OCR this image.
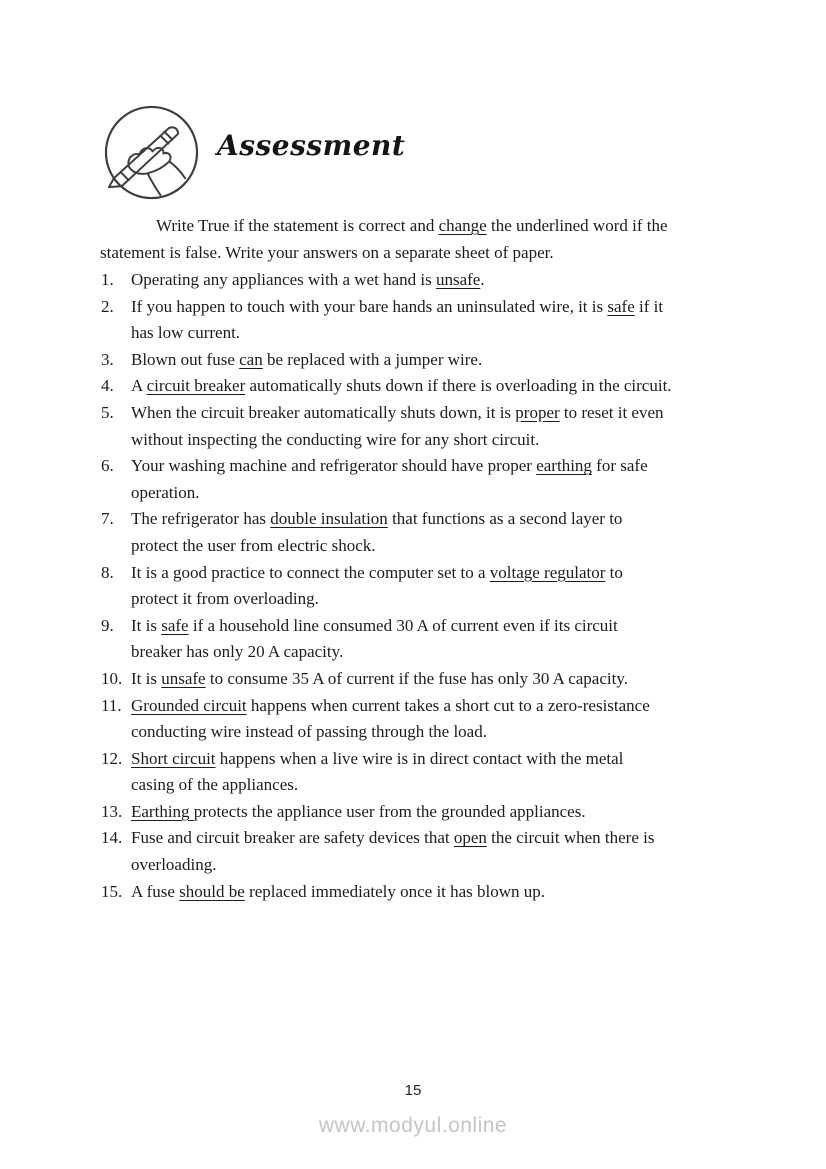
Assessment
Write True if the statement is correct and change the underlined word if the
statement is false. Write your answers on a separate sheet of paper.
1. Operating any appliances with a wet hand is unsafe.
2. If you happen to touch with your bare hands an uninsulated wire, it is safe if it
has low current.
3. Blown out fuse can be replaced with a jumper wire.
4. A circuit breaker automatically shuts down if there is overloading in the circuit.
5. When the circuit breaker automatically shuts down, it is proper to reset it even
without inspecting the conducting wire for any short circuit.
6. Your washing machine and refrigerator should have proper earthing for safe
operation.
7. The refrigerator has double insulation that functions as a second layer to
protect the user from electric shock.
8. It is a good practice to connect the computer set to a voltage regulator to
protect it from overloading.
9. It is safe if a household line consumed 30 A of current even if its circuit
breaker has only 20 A capacity.
10. It is unsafe to consume 35 A of current if the fuse has only 30 A capacity.
11. Grounded circuit happens when current takes a short cut to a zero-resistance
conducting wire instead of passing through the load.
12. Short circuit happens when a live wire is in direct contact with the metal
casing of the appliances.
13. Earthing protects the appliance user from the grounded appliances.
14. Fuse and circuit breaker are safety devices that open the circuit when there is
overloading.
15. A fuse should be replaced immediately once it has blown up.
15
www.modyul.online
